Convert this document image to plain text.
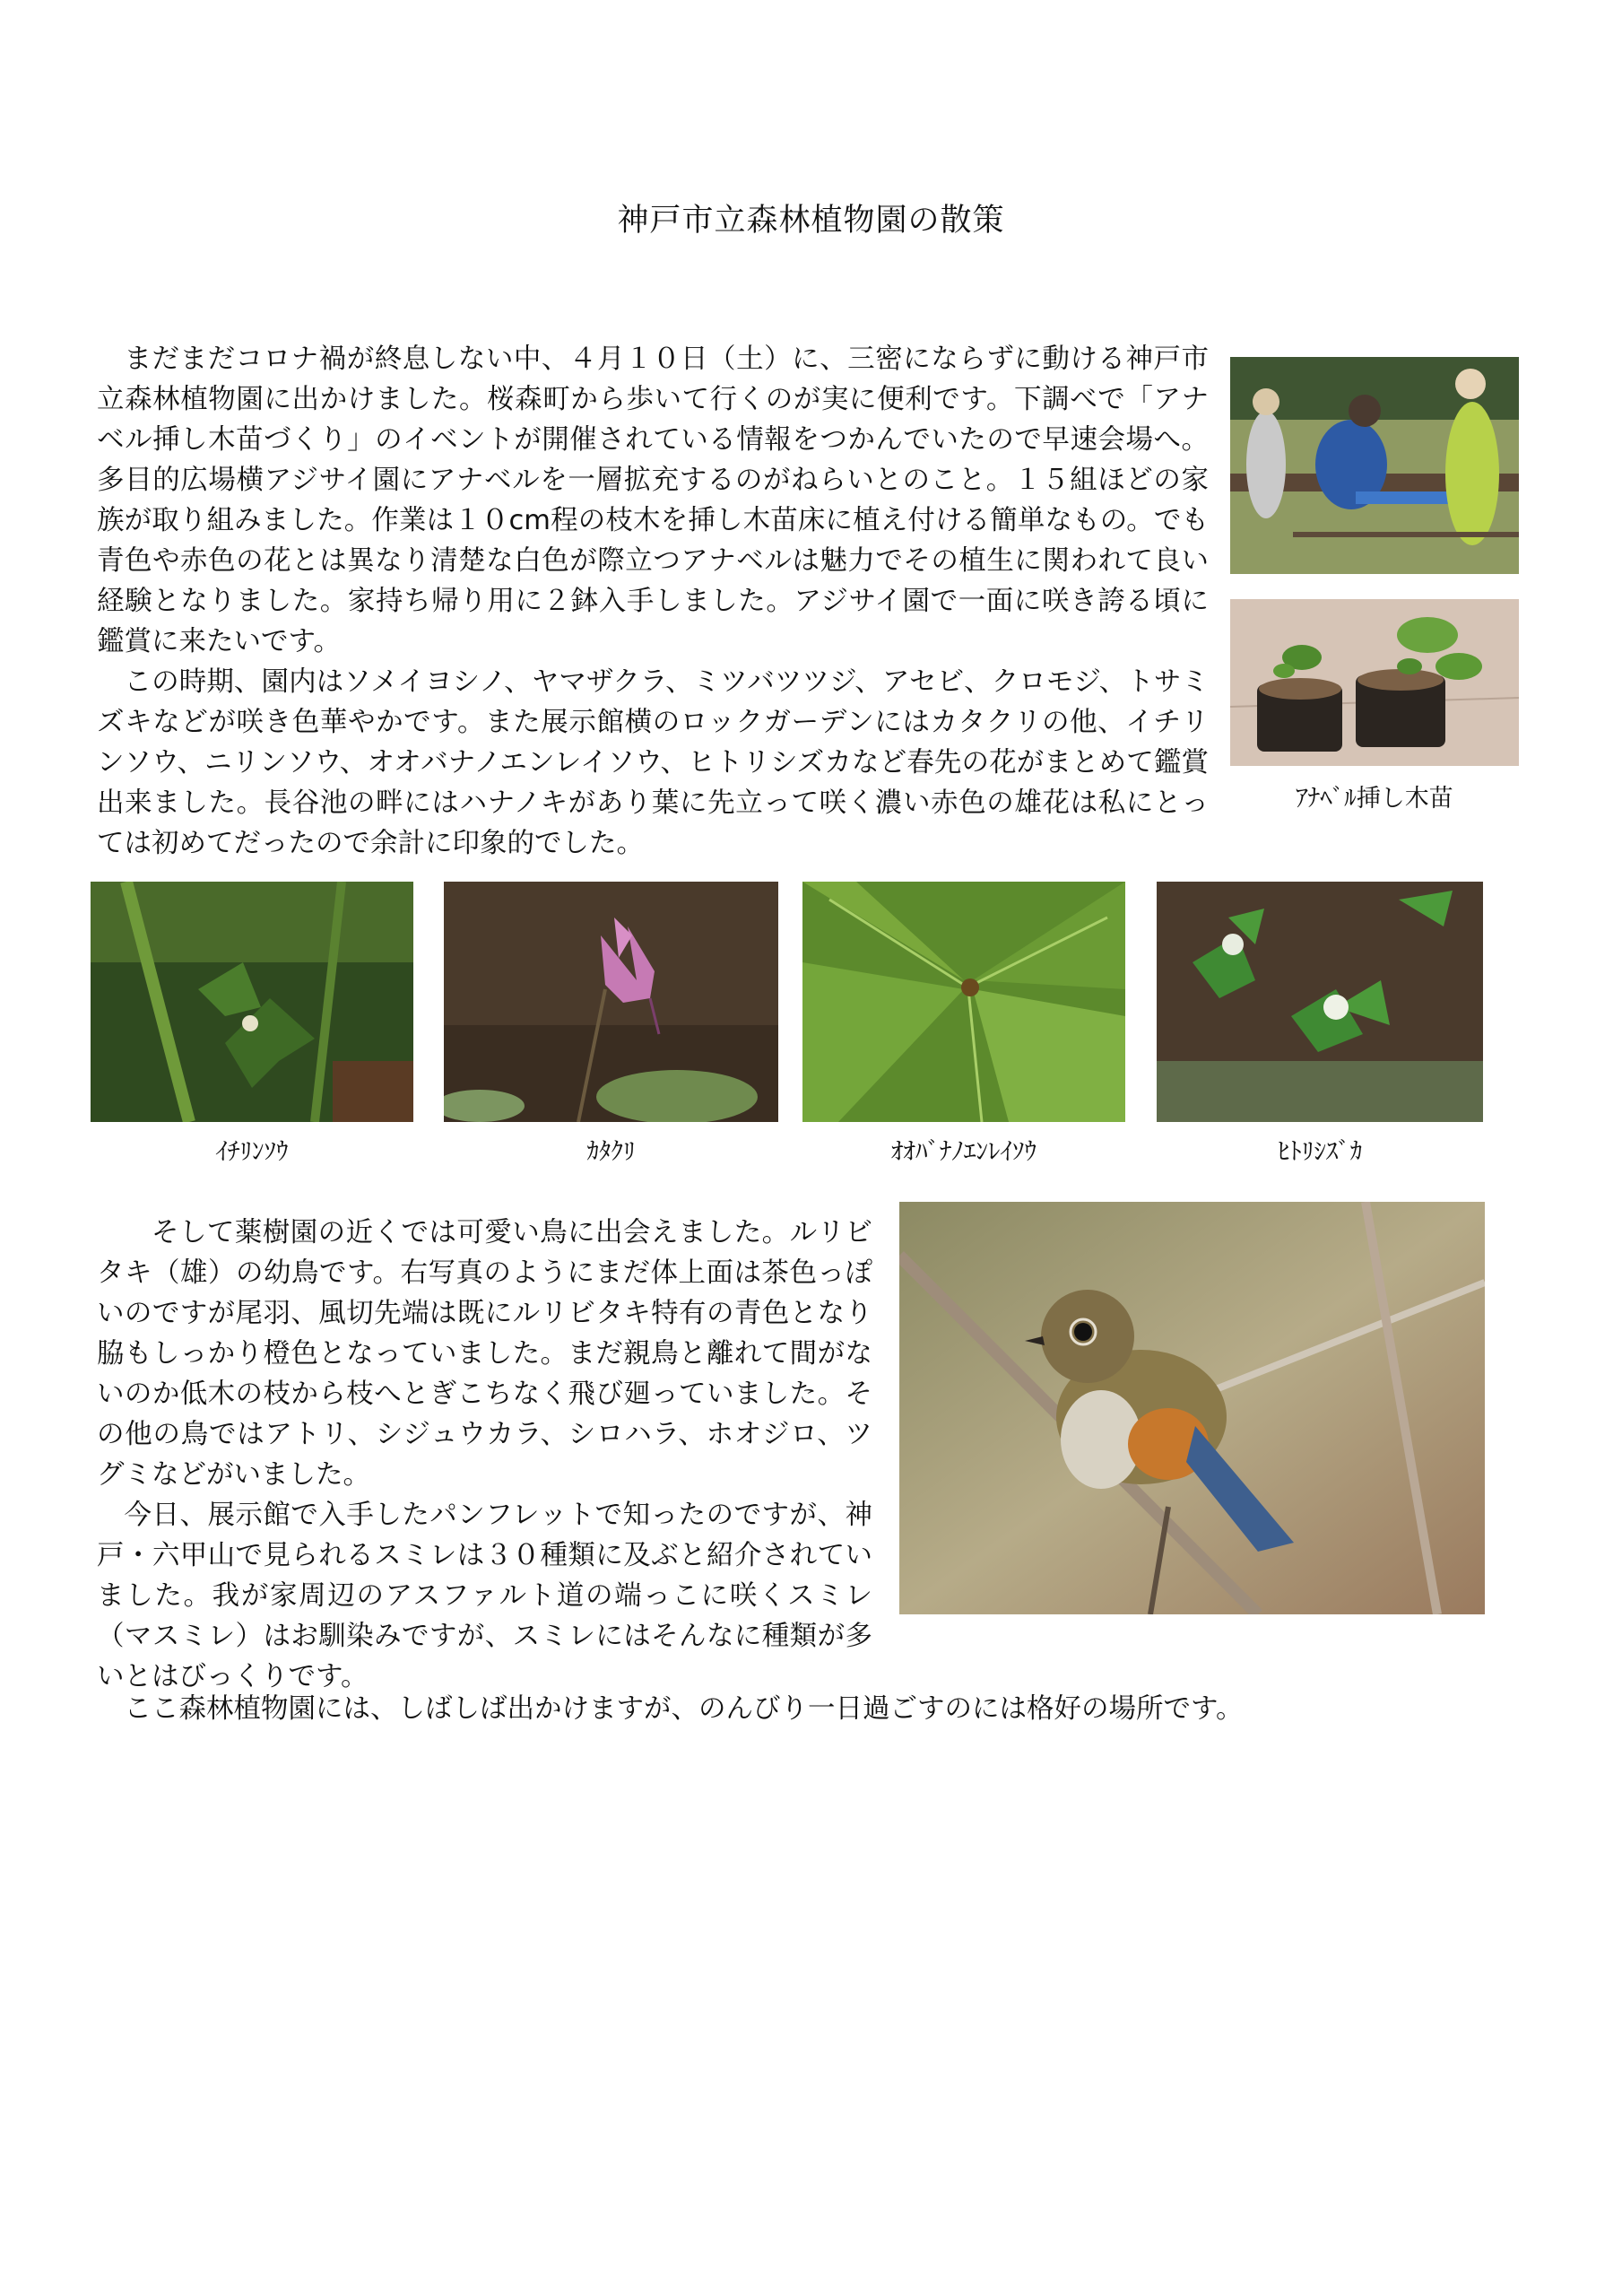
神戸市立森林植物園の散策

まだまだコロナ禍が終息しない中、４月１０日（土）に、三密にならずに動ける神戸市立森林植物園に出かけました。桜森町から歩いて行くのが実に便利です。下調べで「アナベル挿し木苗づくり」のイベントが開催されている情報をつかんでいたので早速会場へ。多目的広場横アジサイ園にアナベルを一層拡充するのがねらいとのこと。１５組ほどの家族が取り組みました。作業は１０cm程の枝木を挿し木苗床に植え付ける簡単なもの。でも青色や赤色の花とは異なり清楚な白色が際立つアナベルは魅力でその植生に関われて良い経験となりました。家持ち帰り用に２鉢入手しました。アジサイ園で一面に咲き誇る頃に鑑賞に来たいです。

この時期、園内はソメイヨシノ、ヤマザクラ、ミツバツツジ、アセビ、クロモジ、トサミズキなどが咲き色華やかです。また展示館横のロックガーデンにはカタクリの他、イチリンソウ、ニリンソウ、オオバナノエンレイソウ、ヒトリシズカなど春先の花がまとめて鑑賞出来ました。長谷池の畔にはハナノキがあり葉に先立って咲く濃い赤色の雄花は私にとっては初めてだったので余計に印象的でした。

ｱﾅﾍﾞﾙ挿し木苗
ｲﾁﾘﾝｿｳ	ｶﾀｸﾘ	ｵｵﾊﾞﾅﾉｴﾝﾚｲｿｳ	ﾋﾄﾘｼｽﾞｶ

そして薬樹園の近くでは可愛い鳥に出会えました。ルリビタキ（雄）の幼鳥です。右写真のようにまだ体上面は茶色っぽいのですが尾羽、風切先端は既にルリビタキ特有の青色となり脇もしっかり橙色となっていました。まだ親鳥と離れて間がないのか低木の枝から枝へとぎこちなく飛び廻っていました。その他の鳥ではアトリ、シジュウカラ、シロハラ、ホオジロ、ツグミなどがいました。

今日、展示館で入手したパンフレットで知ったのですが、神戸・六甲山で見られるスミレは３０種類に及ぶと紹介されていました。我が家周辺のアスファルト道の端っこに咲くスミレ（マスミレ）はお馴染みですが、スミレにはそんなに種類が多いとはびっくりです。

ここ森林植物園には、しばしば出かけますが、のんびり一日過ごすのには格好の場所です。
